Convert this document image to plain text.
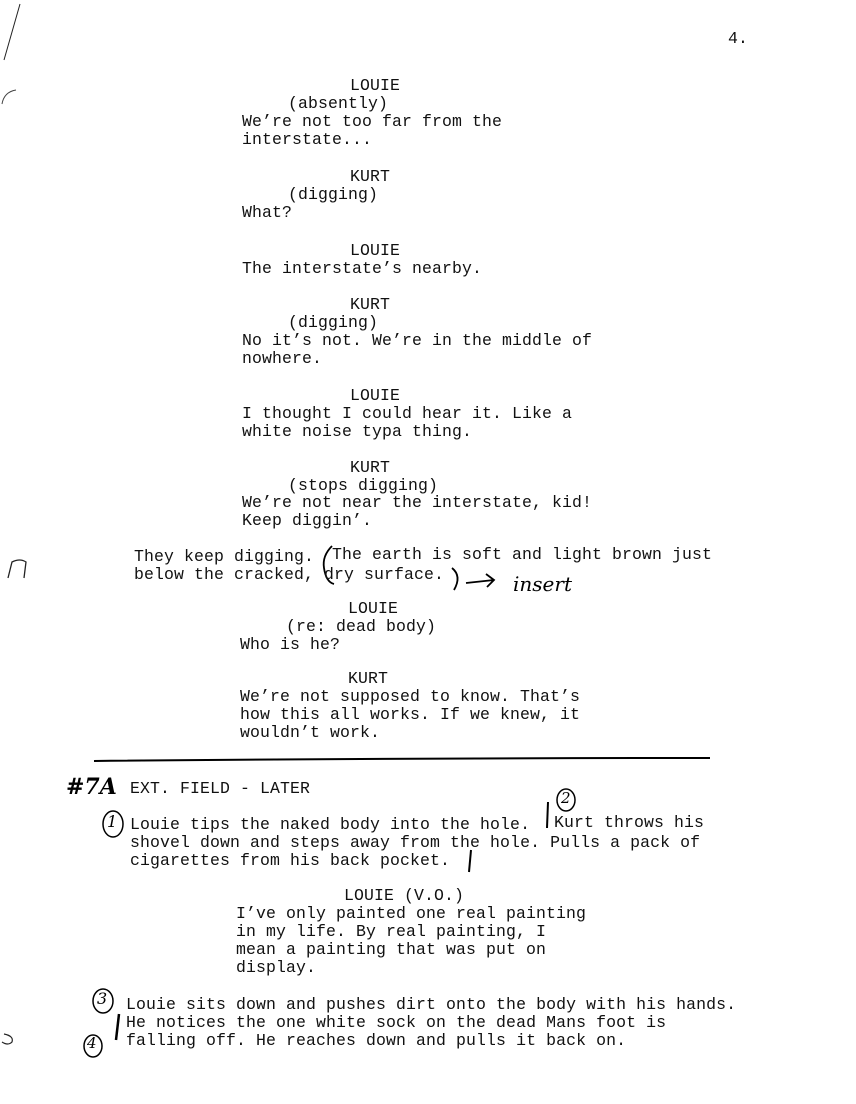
4.
LOUIE
(absently)
We’re not too far from the
interstate...
KURT
(digging)
What?
LOUIE
The interstate’s nearby.
KURT
(digging)
No it’s not. We’re in the middle of
nowhere.
LOUIE
I thought I could hear it. Like a
white noise typa thing.
KURT
(stops digging)
We’re not near the interstate, kid!
Keep diggin’.
They keep digging. The earth is soft and light brown just
below the cracked, dry surface.	insert
LOUIE
(re: dead body)
Who is he?
KURT
We’re not supposed to know. That’s
how this all works. If we knew, it
wouldn’t work.
#7A EXT. FIELD - LATER
1
2
Louie tips the naked body into the hole. Kurt throws his
shovel down and steps away from the hole. Pulls a pack of
cigarettes from his back pocket.
LOUIE (V.O.)
I’ve only painted one real painting
in my life. By real painting, I
mean a painting that was put on
display.
3
4
Louie sits down and pushes dirt onto the body with his hands.
He notices the one white sock on the dead Mans foot is
falling off. He reaches down and pulls it back on.
